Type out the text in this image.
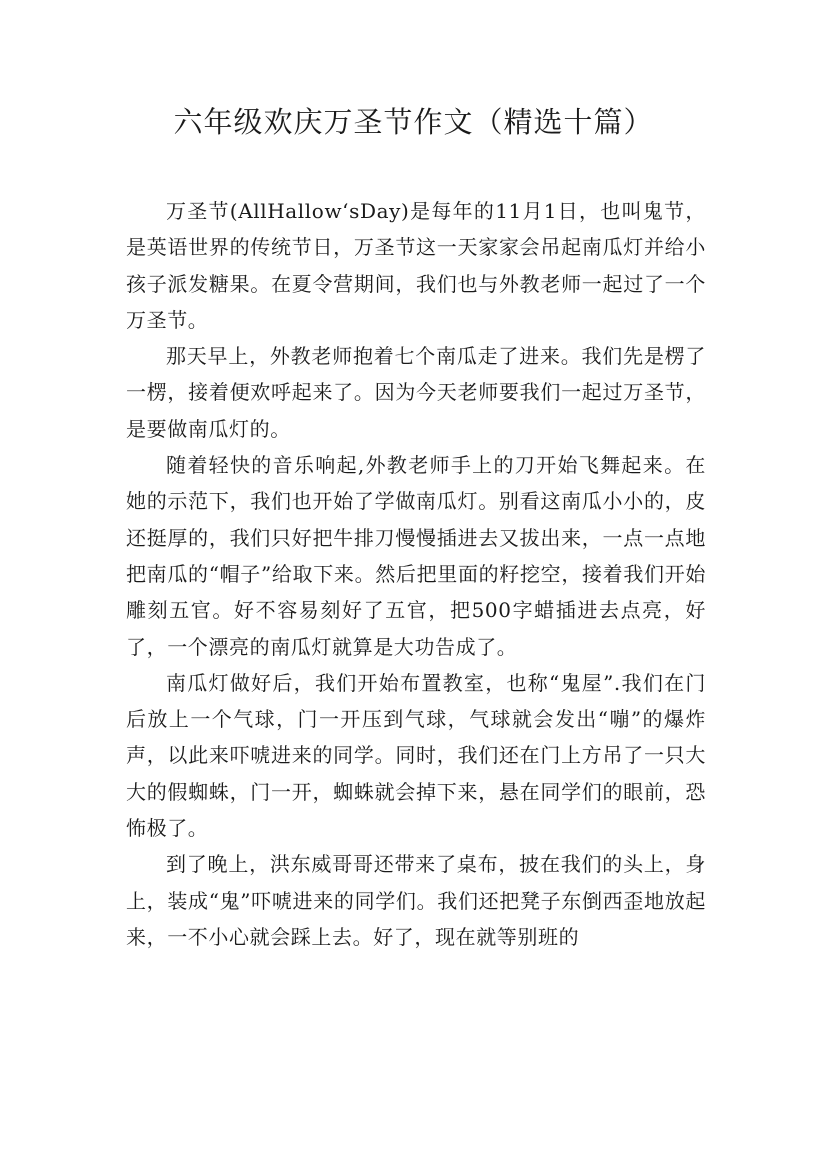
六年级欢庆万圣节作文（精选十篇）

万圣节(AllHallow‘sDay)是每年的11月1日，也叫鬼节，是英语世界的传统节日，万圣节这一天家家会吊起南瓜灯并给小孩子派发糖果。在夏令营期间，我们也与外教老师一起过了一个万圣节。

那天早上，外教老师抱着七个南瓜走了进来。我们先是楞了一楞，接着便欢呼起来了。因为今天老师要我们一起过万圣节，是要做南瓜灯的。

随着轻快的音乐响起,外教老师手上的刀开始飞舞起来。在她的示范下，我们也开始了学做南瓜灯。别看这南瓜小小的，皮还挺厚的，我们只好把牛排刀慢慢插进去又拔出来，一点一点地把南瓜的“帽子”给取下来。然后把里面的籽挖空，接着我们开始雕刻五官。好不容易刻好了五官，把500字蜡插进去点亮，好了，一个漂亮的南瓜灯就算是大功告成了。

南瓜灯做好后，我们开始布置教室，也称“鬼屋”.我们在门后放上一个气球，门一开压到气球，气球就会发出“嘣”的爆炸声，以此来吓唬进来的同学。同时，我们还在门上方吊了一只大大的假蜘蛛，门一开，蜘蛛就会掉下来，悬在同学们的眼前，恐怖极了。

到了晚上，洪东威哥哥还带来了桌布，披在我们的头上，身上，装成“鬼”吓唬进来的同学们。我们还把凳子东倒西歪地放起来，一不小心就会踩上去。好了，现在就等别班的
